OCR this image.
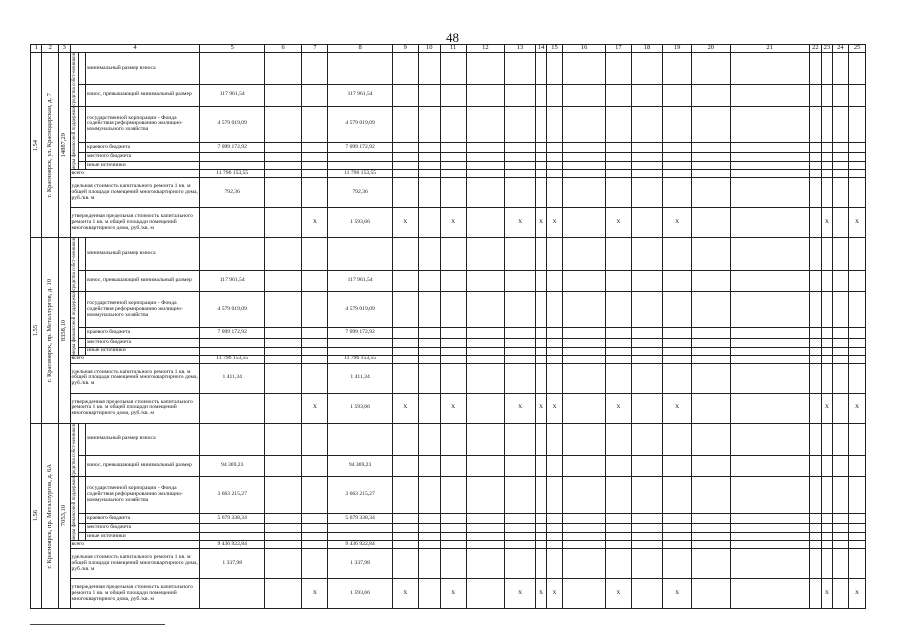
48
1	2	3	4			5	6	7	8	9	10	11	12	13	14	15	16	17	18	19	20	21	22	23	24	25

1.54	г. Красноярск, ул. Краснодарская, д. 7	14887,29	средства собст-венников		минимальный размер взноса																					
					взнос, превышающий минимальный размер	117 961,54			117 961,54																	

			меры финансовой поддержки		государственной корпорации - Фонда содействия реформированию жилищно-коммунального хозяйства	4 579 019,09			4 579 019,09																	
					краевого бюджета	7 099 172,92			7 099 172,92																	
					местного бюджета																					
					иные источники																					
			всего			11 796 153,55			11 796 153,55																	
			удельная стоимость капитального ремонта 1 кв. м общей площади помещений многоквартирного дома, руб./кв. м			792,36			792,36																	
			утвержденная предельная стоимость капитального ремонта 1 кв. м общей площади помещений многоквартирного дома, руб./кв. м					Х	1 593,66	Х		Х		Х	Х	Х		Х		Х				Х		Х

1.55	г. Красноярск, пр. Металлургов, д. 10	8358,10	средства собст-венников		минимальный размер взноса																					
					взнос, превышающий минимальный размер	117 961,54			117 961,54																	

			меры финансовой поддержки		государственной корпорации - Фонда содействия реформированию жилищно-коммунального хозяйства	4 579 019,09			4 579 019,09																	
					краевого бюджета	7 099 172,92			7 099 172,92																	
					местного бюджета																					
					иные источники																					
			всего			11 796 153,55			11 796 153,55																	
			удельная стоимость капитального ремонта 1 кв. м общей площади помещений многоквартирного дома, руб./кв. м			1 411,34			1 411,34																	
			утвержденная предельная стоимость капитального ремонта 1 кв. м общей площади помещений многоквартирного дома, руб./кв. м					Х	1 593,66	Х		Х		Х	Х	Х		Х		Х				Х		Х

1.56	г. Красноярск, пр. Металлургов, д. 6А	7053,10	средства собст-венников		минимальный размер взноса																					
					взнос, превышающий минимальный размер	94 369,23			94 369,23																	

			меры финансовой поддержки		государственной корпорации - Фонда содействия реформированию жилищно-коммунального хозяйства	3 663 215,27			3 663 215,27																	
					краевого бюджета	5 679 338,34			5 679 338,34																	
					местного бюджета																					
					иные источники																					
			всего			9 436 922,84			9 436 922,84																	
			удельная стоимость капитального ремонта 1 кв. м общей площади помещений многоквартирного дома, руб./кв. м			1 337,98			1 337,98																	
			утвержденная предельная стоимость капитального ремонта 1 кв. м общей площади помещений многоквартирного дома, руб./кв. м					Х	1 593,66	Х		Х		Х	Х	Х		Х		Х				Х		Х
